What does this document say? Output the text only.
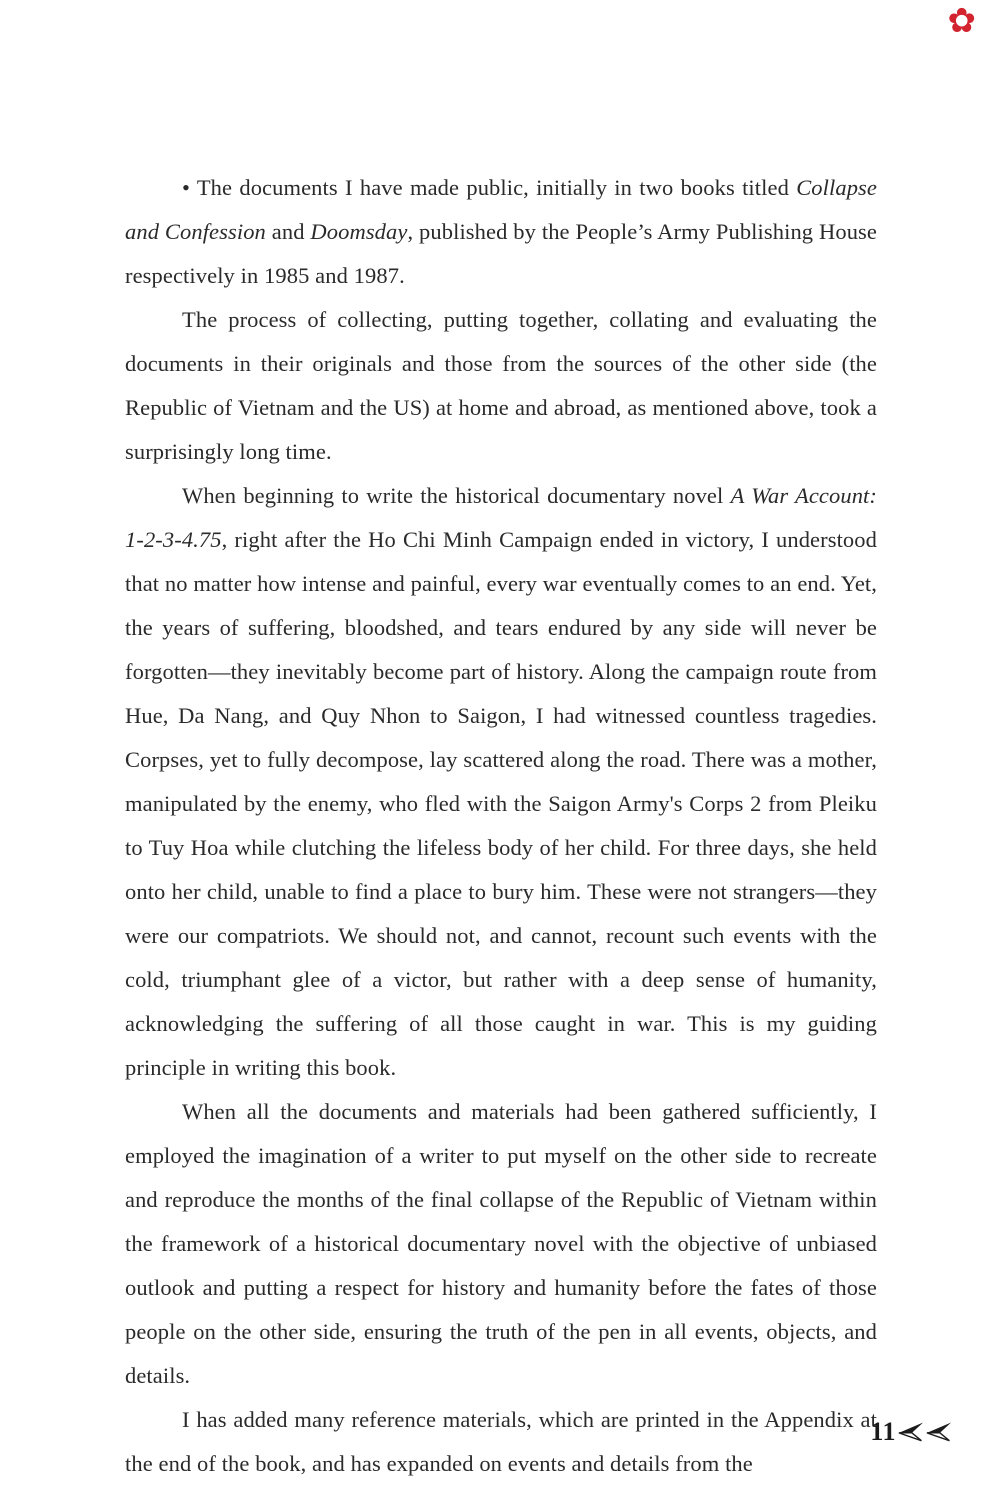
✿

• The documents I have made public, initially in two books titled Collapse and Confession and Doomsday, published by the People’s Army Publishing House respectively in 1985 and 1987.

The process of collecting, putting together, collating and evaluating the documents in their originals and those from the sources of the other side (the Republic of Vietnam and the US) at home and abroad, as mentioned above, took a surprisingly long time.

When beginning to write the historical documentary novel A War Account: 1-2-3-4.75, right after the Ho Chi Minh Campaign ended in victory, I understood that no matter how intense and painful, every war eventually comes to an end. Yet, the years of suffering, bloodshed, and tears endured by any side will never be forgotten—they inevitably become part of history. Along the campaign route from Hue, Da Nang, and Quy Nhon to Saigon, I had witnessed countless tragedies. Corpses, yet to fully decompose, lay scattered along the road. There was a mother, manipulated by the enemy, who fled with the Saigon Army's Corps 2 from Pleiku to Tuy Hoa while clutching the lifeless body of her child. For three days, she held onto her child, unable to find a place to bury him. These were not strangers—they were our compatriots. We should not, and cannot, recount such events with the cold, triumphant glee of a victor, but rather with a deep sense of humanity, acknowledging the suffering of all those caught in war. This is my guiding principle in writing this book.

When all the documents and materials had been gathered sufficiently, I employed the imagination of a writer to put myself on the other side to recreate and reproduce the months of the final collapse of the Republic of Vietnam within the framework of a historical documentary novel with the objective of unbiased outlook and putting a respect for history and humanity before the fates of those people on the other side, ensuring the truth of the pen in all events, objects, and details.

I has added many reference materials, which are printed in the Appendix at the end of the book, and has expanded on events and details from the

11
